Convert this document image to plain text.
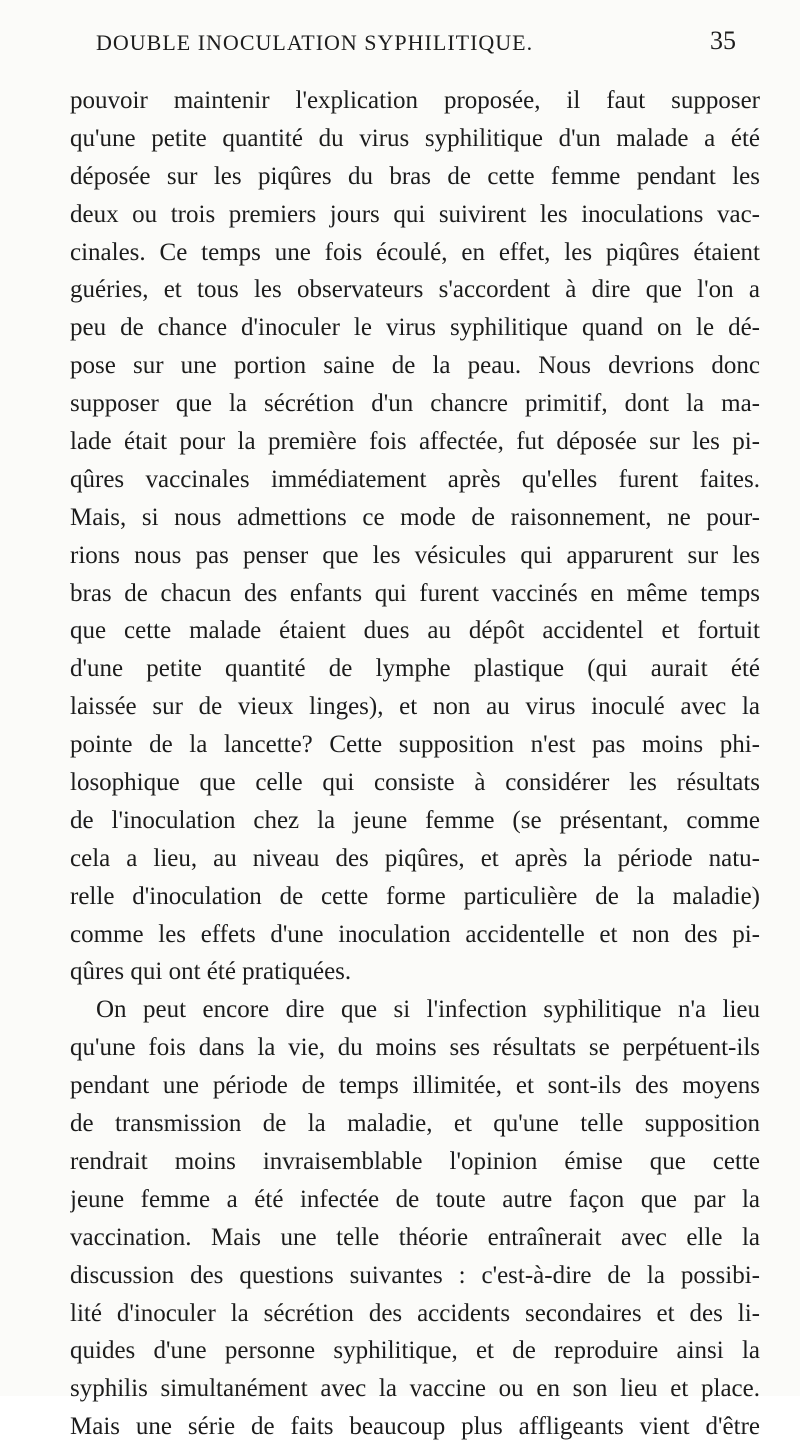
DOUBLE INOCULATION SYPHILITIQUE.	35
pouvoir maintenir l'explication proposée, il faut supposer
qu'une petite quantité du virus syphilitique d'un malade a été
déposée sur les piqûres du bras de cette femme pendant les
deux ou trois premiers jours qui suivirent les inoculations vac-
cinales. Ce temps une fois écoulé, en effet, les piqûres étaient
guéries, et tous les observateurs s'accordent à dire que l'on a
peu de chance d'inoculer le virus syphilitique quand on le dé-
pose sur une portion saine de la peau. Nous devrions donc
supposer que la sécrétion d'un chancre primitif, dont la ma-
lade était pour la première fois affectée, fut déposée sur les pi-
qûres vaccinales immédiatement après qu'elles furent faites.
Mais, si nous admettions ce mode de raisonnement, ne pour-
rions nous pas penser que les vésicules qui apparurent sur les
bras de chacun des enfants qui furent vaccinés en même temps
que cette malade étaient dues au dépôt accidentel et fortuit
d'une petite quantité de lymphe plastique (qui aurait été
laissée sur de vieux linges), et non au virus inoculé avec la
pointe de la lancette? Cette supposition n'est pas moins phi-
losophique que celle qui consiste à considérer les résultats
de l'inoculation chez la jeune femme (se présentant, comme
cela a lieu, au niveau des piqûres, et après la période natu-
relle d'inoculation de cette forme particulière de la maladie)
comme les effets d'une inoculation accidentelle et non des pi-
qûres qui ont été pratiquées.
On peut encore dire que si l'infection syphilitique n'a lieu
qu'une fois dans la vie, du moins ses résultats se perpétuent-ils
pendant une période de temps illimitée, et sont-ils des moyens
de transmission de la maladie, et qu'une telle supposition
rendrait moins invraisemblable l'opinion émise que cette
jeune femme a été infectée de toute autre façon que par la
vaccination. Mais une telle théorie entraînerait avec elle la
discussion des questions suivantes : c'est-à-dire de la possibi-
lité d'inoculer la sécrétion des accidents secondaires et des li-
quides d'une personne syphilitique, et de reproduire ainsi la
syphilis simultanément avec la vaccine ou en son lieu et place.
Mais une série de faits beaucoup plus affligeants vient d'être
